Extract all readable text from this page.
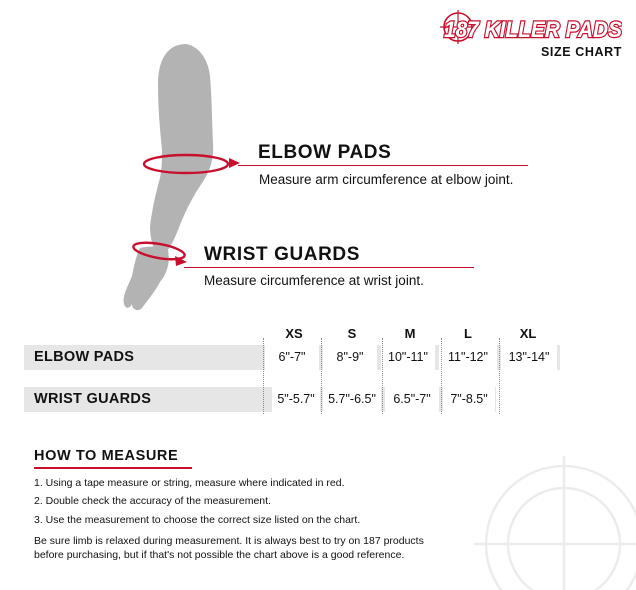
187 KILLER PADS
SIZE CHART
ELBOW PADS
Measure arm circumference at elbow joint.
WRIST GUARDS
Measure circumference at wrist joint.
XS	S	M	L	XL
ELBOW PADS	6"-7"	8"-9"	10"-11"	11"-12"	13"-14"
WRIST GUARDS	5"-5.7"	5.7"-6.5"	6.5"-7"	7"-8.5"
HOW TO MEASURE
1. Using a tape measure or string, measure where indicated in red.
2. Double check the accuracy of the measurement.
3. Use the measurement to choose the correct size listed on the chart.
Be sure limb is relaxed during measurement. It is always best to try on 187 products
before purchasing, but if that's not possible the chart above is a good reference.
